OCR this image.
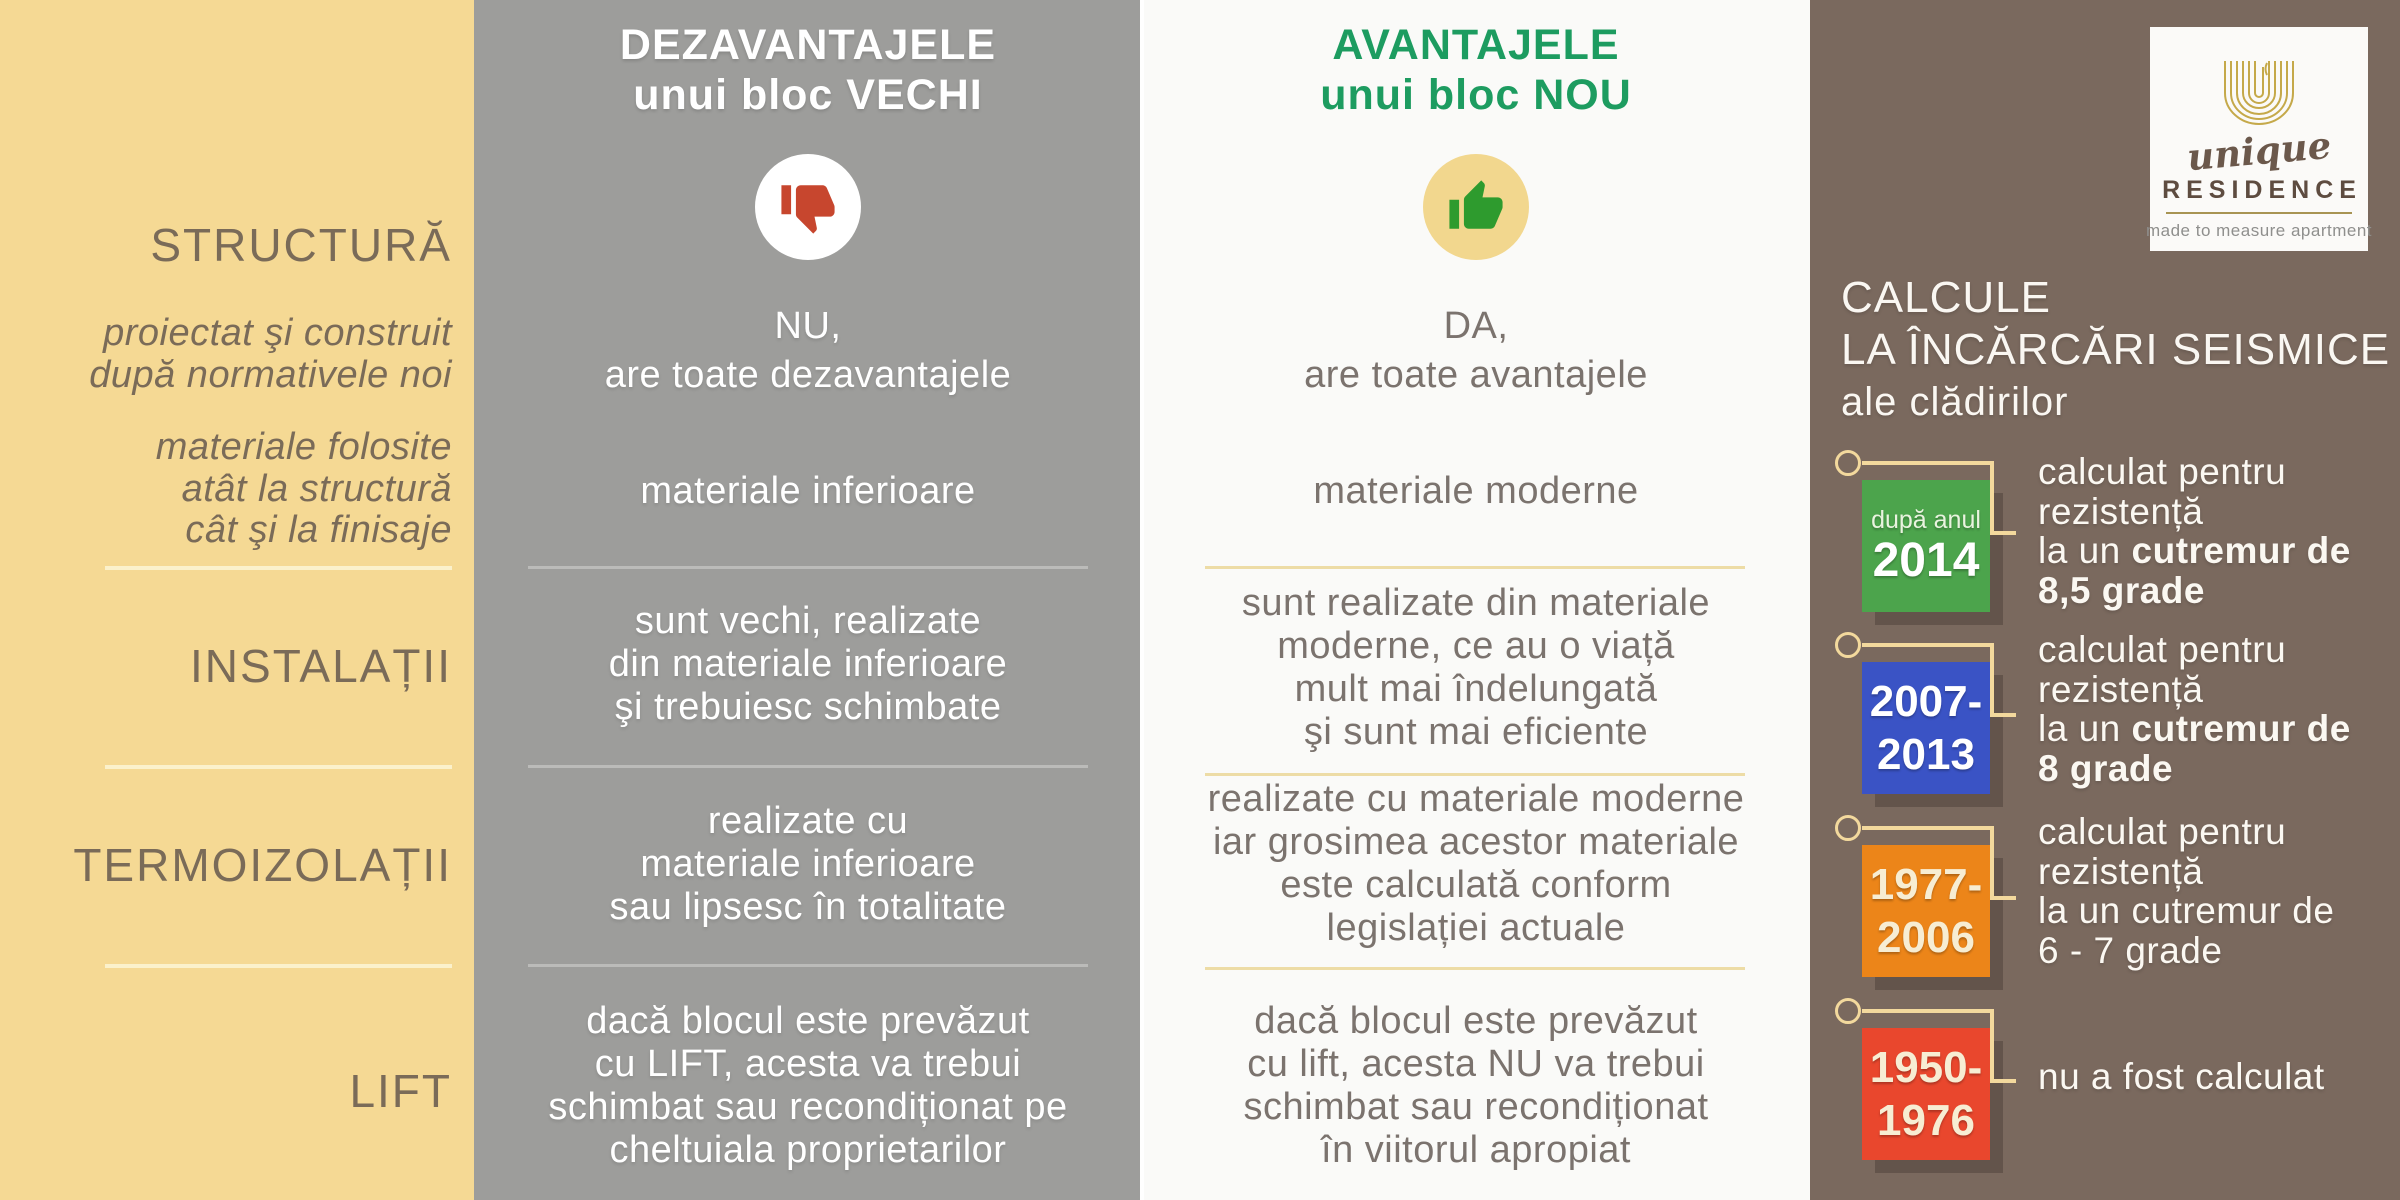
STRUCTURĂ
proiectat şi construit
după normativele noi
materiale folosite
atât la structură
cât şi la finisaje
INSTALAȚII
TERMOIZOLAȚII
LIFT
DEZAVANTAJELE
unui bloc VECHI
NU,
are toate dezavantajele
materiale inferioare
sunt vechi, realizate
din materiale inferioare
şi trebuiesc schimbate
realizate cu
materiale inferioare
sau lipsesc în totalitate
dacă blocul este prevăzut
cu LIFT, acesta va trebui
schimbat sau recondiționat pe
cheltuiala proprietarilor
AVANTAJELE
unui bloc NOU
DA,
are toate avantajele
materiale moderne
sunt realizate din materiale
moderne, ce au o viață
mult mai îndelungată
şi sunt mai eficiente
realizate cu materiale moderne
iar grosimea acestor materiale
este calculată conform
legislației actuale
dacă blocul este prevăzut
cu lift, acesta NU va trebui
schimbat sau recondiționat
în viitorul apropiat
unique
RESIDENCE
made to measure apartment
CALCULE
LA ÎNCĂRCĂRI SEISMICE
ale clădirilor
după anul
2014
calculat pentru
rezistență
la un cutremur de
8,5 grade
2007-
2013
calculat pentru
rezistență
la un cutremur de
8 grade
1977-
2006
calculat pentru
rezistență
la un cutremur de
6 - 7 grade
1950-
1976
nu a fost calculat
